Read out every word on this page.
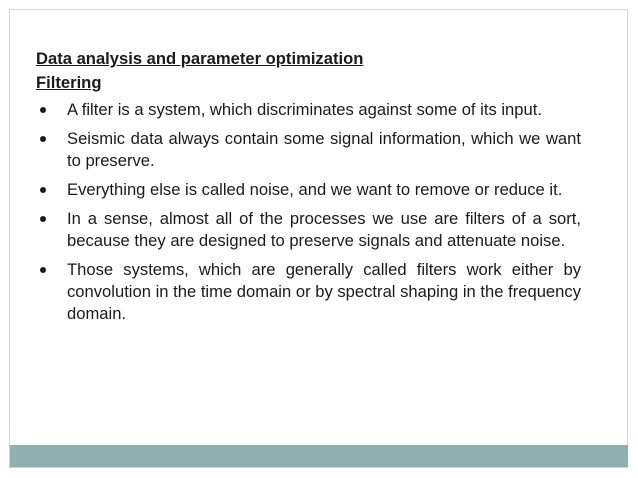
Data analysis and parameter optimization
Filtering
A filter is a system, which discriminates against some of its input.
Seismic data always contain some signal information, which we want to preserve.
Everything else is called noise, and we want to remove or reduce it.
In a sense, almost all of the processes we use are filters of a sort, because they are designed to preserve signals and attenuate noise.
Those systems, which are generally called filters work either by convolution in the time domain or by spectral shaping in the frequency domain.
